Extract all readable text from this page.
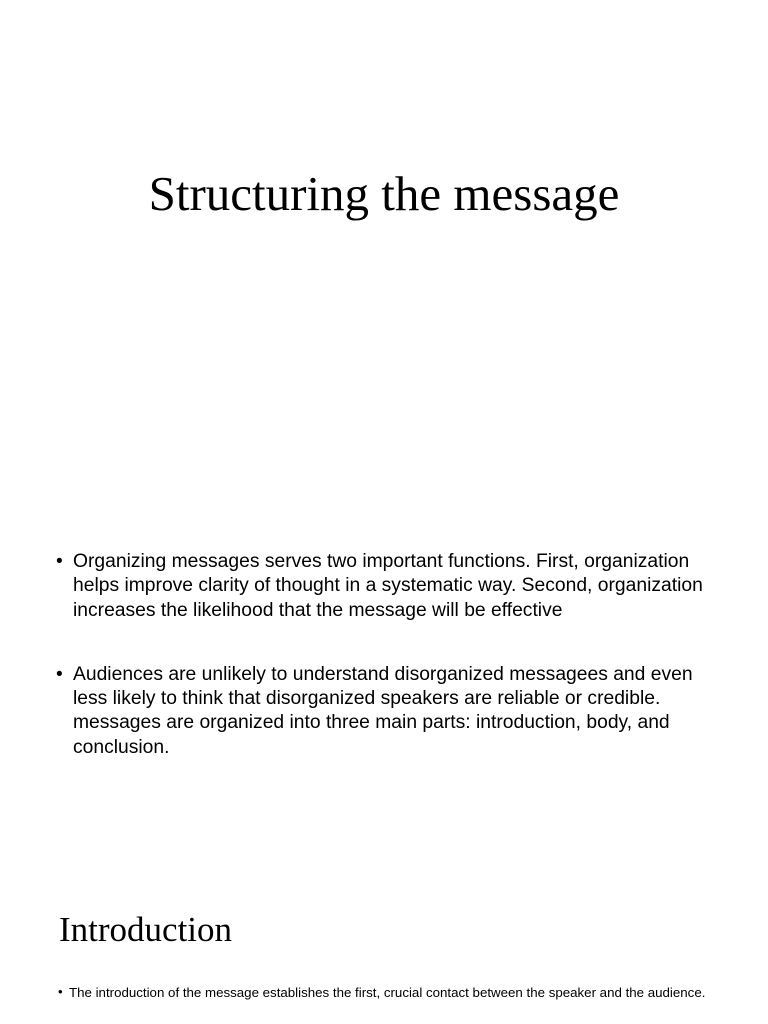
Structuring the message
• Organizing messages serves two important functions. First, organization helps improve clarity of thought in a systematic way. Second, organization increases the likelihood that the message will be effective
• Audiences are unlikely to understand disorganized messagees and even less likely to think that disorganized speakers are reliable or credible. messages are organized into three main parts: introduction, body, and conclusion.
Introduction
• The introduction of the message establishes the first, crucial contact between the speaker and the audience.
